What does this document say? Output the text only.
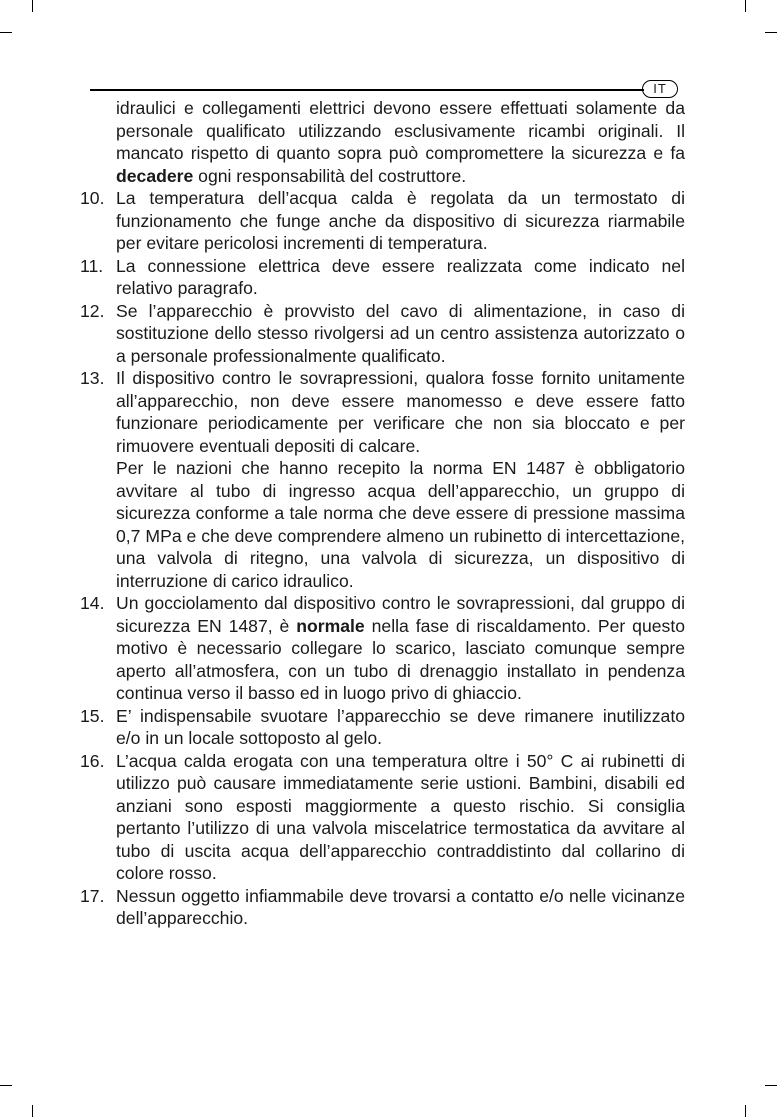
IT

idraulici e collegamenti elettrici devono essere effettuati solamente da personale qualificato utilizzando esclusivamente ricambi originali. Il mancato rispetto di quanto sopra può compromettere la sicurezza e fa decadere ogni responsabilità del costruttore.

10. La temperatura dell’acqua calda è regolata da un termostato di funzionamento che funge anche da dispositivo di sicurezza riarmabile per evitare pericolosi incrementi di temperatura.

11. La connessione elettrica deve essere realizzata come indicato nel relativo paragrafo.

12. Se l’apparecchio è provvisto del cavo di alimentazione, in caso di sostituzione dello stesso rivolgersi ad un centro assistenza autorizzato o a personale professionalmente qualificato.

13. Il dispositivo contro le sovrapressioni, qualora fosse fornito unitamente all’apparecchio, non deve essere manomesso e deve essere fatto funzionare periodicamente per verificare che non sia bloccato e per rimuovere eventuali depositi di calcare.

Per le nazioni che hanno recepito la norma EN 1487 è obbligatorio avvitare al tubo di ingresso acqua dell’apparecchio, un gruppo di sicurezza conforme a tale norma che deve essere di pressione massima 0,7 MPa e che deve comprendere almeno un rubinetto di intercettazione, una valvola di ritegno, una valvola di sicurezza, un dispositivo di interruzione di carico idraulico.

14. Un gocciolamento dal dispositivo contro le sovrapressioni, dal gruppo di sicurezza EN 1487, è normale nella fase di riscaldamento. Per questo motivo è necessario collegare lo scarico, lasciato comunque sempre aperto all’atmosfera, con un tubo di drenaggio installato in pendenza continua verso il basso ed in luogo privo di ghiaccio.

15. E’ indispensabile svuotare l’apparecchio se deve rimanere inutilizzato e/o in un locale sottoposto al gelo.

16. L’acqua calda erogata con una temperatura oltre i 50° C ai rubinetti di utilizzo può causare immediatamente serie ustioni. Bambini, disabili ed anziani sono esposti maggiormente a questo rischio. Si consiglia pertanto l’utilizzo di una valvola miscelatrice termostatica da avvitare al tubo di uscita acqua dell’apparecchio contraddistinto dal collarino di colore rosso.

17. Nessun oggetto infiammabile deve trovarsi a contatto e/o nelle vicinanze dell’apparecchio.
